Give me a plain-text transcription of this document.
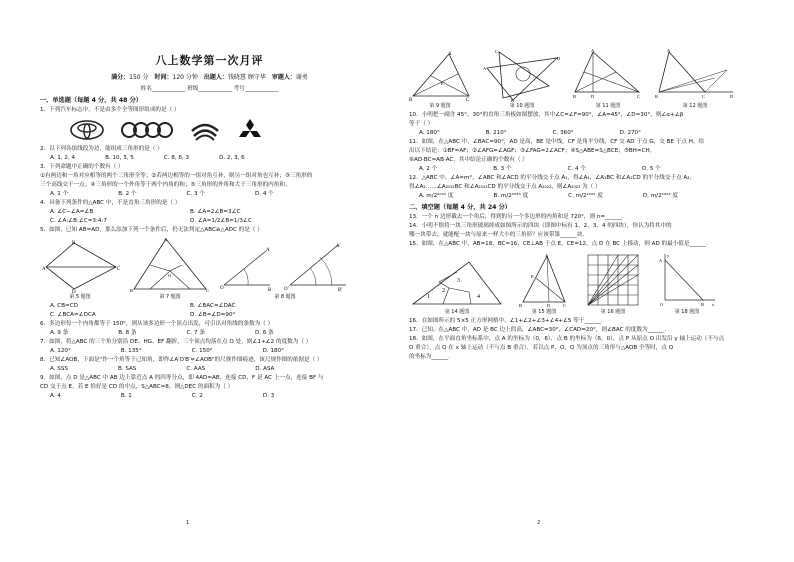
八上数学第一次月评
满分：150 分 时间：120 分钟 出题人：钱晓慧 顾守华 审题人：谢勇
姓名____________ 班级____________ 考号____________
一、单选题（每题 4 分，共 48 分）
1．下列汽车标志中，不是由多个全等图形组成的是（ ）
2．以下列各组线段为边，能组成三角形的是（ ）
A. 1, 2, 4	B. 10, 3, 5	C. 8, 6, 3	D. 2, 3, 6
3．下列命题中正确的个数有（ ）
①有两边和一角对应相等的两个三角形全等；②若两边相等的一组对角互补，则另一组对角也互补；③三角形的
三个高线交于一点；④三角形的一个外角等于两个内角的和；⑤三角形的外角和大于三角形的内角和。
A. 1 个	B. 2 个	C. 3 个	D. 4 个
4．具备下列条件的△ABC 中，不是直角三角形的是（ ）
A. ∠C−∠A=∠B	B. ∠A=2∠B=3∠C
C. ∠A:∠B:∠C=3:4:7	D. ∠A=1/2∠B=1/3∠C
5．如图，已知 AB=AD，那么添加下列一个条件后，仍无法判定△ABC≌△ADC 的是（ ）
A
B
C
D
第 5 题图
O
A
B	C
第 7 题图
O	B
A
O′	B′
A′
第 8 题图
A. CB=CD	B. ∠BAC=∠DAC
C. ∠BCA=∠DCA	D. ∠B=∠D=90°
6．多边形每一个内角都等于 150°，则从该多边形一个顶点出发，可引出对角线的条数为（ ）
A. 9 条	B. 8 条	C. 7 条	D. 6 条
7．如图，将△ABC 的三个角分别沿 DE、HG、EF 翻折，三个顶点均落在点 O 处，则∠1+∠2 的度数为（ ）
A. 120°	B. 135°	C. 150°	D. 180°
8．已知∠AOB，下面是"作一个角等于已知角，即作∠A′O′B′=∠AOB"的尺规作图痕迹，该尺规作图的依据是（ ）
A. SSS	B. SAS	C. AAS	D. ASA
9．如图，点 D 是△ABC 中 AB 边上靠近点 A 的四等分点，即 4AD=AB，连接 CD，F 是 AC 上一点，连接 BF 与
CD 交于点 E，若 E 恰好是 CD 的中点，S△ABC=8，则△DEC 的面积为（ ）
A. 4	B. 1	C. 2	D. 3
1
A
B	C
E
第 9 题图
C
D
A
B
第 10 题图
A
B	C
D
第 11 题图
A
B	C	D
第 12 题图
10．小明把一副含 45°、30°的直角三角板如图摆放，其中∠C=∠F=90°，∠A=45°，∠D=30°，则∠α+∠β
等于（ ）
A. 180°	B. 210°	C. 360°	D. 270°
11．如图，在△ABC 中，∠BAC=90°，AD 是高，BE 是中线，CF 是角平分线，CF 交 AD 于点 G，交 BE 于点 H，给
出以下结论：①BF=AF；②∠AFG=∠AGF；③∠FAG=2∠ACF；④S△ABE=S△BCE；⑤BH=CH。
⑥AD·BC=AB·AC，其中结论正确的个数有（ ）
A. 2 个	B. 3 个	C. 4 个	D. 5 个
12．△ABC 中，∠A=m°，∠ABC 和∠ACD 的平分线交于点 A₁，得∠A₁，∠A₁BC 和∠A₁CD 的平分线交于点 A₂，
得∠A₂……∠A₂₀₂₂BC 和∠A₂₀₂₂CD 的平分线交于点 A₂₀₂₃，则∠A₂₀₂₃ 为（ ）
A. m/2²⁰²² 度	B. m/2²⁰²³ 度	C. m/2²⁰²² 度	D. m/2²⁰²³ 度
二、填空题（每题 4 分，共 24 分）
13．一个 n 边形截去一个角后，得到的另一个多边形的内角和是 720°，则 n=______.
14．小明不慎将一块三角形玻璃摔成如图所示的四块（即图中标有 1、2、3、4 的四块），你认为将其中的
哪一块带去，就能配一块与原来一样大小的三角形？应该带第______块.
15．如图，在△ABC 中，AB=18，BC=16，CE⊥AB 于点 E，CE=12，点 D 在 BC 上移动，则 AD 的最小值是______.
1
2
3
4
第 14 题图
A
B	C
E
D
第 15 题图	第 16 题图
A
B
O	x
y
第 18 题图
16．在如图所示的 5×5 正方形网格中，∠1+∠2+∠3+∠4+∠5 等于______.
17．已知，在△ABC 中，AD 是 BC 边上的高，∠ABC=30°，∠CAD=20°，则∠BAC 的度数为______.
18．如图，在平面直角坐标系中，点 A 的坐标为（0，6），点 B 的坐标为（6，0），点 P 从原点 O 出发沿 y 轴上运动（不与点
O 重合），点 Q 在 x 轴上运动（不与点 B 重合），若以点 P、O、Q 为顶点的三角形与△AOB 全等时，点 Q
的坐标为______.
2
